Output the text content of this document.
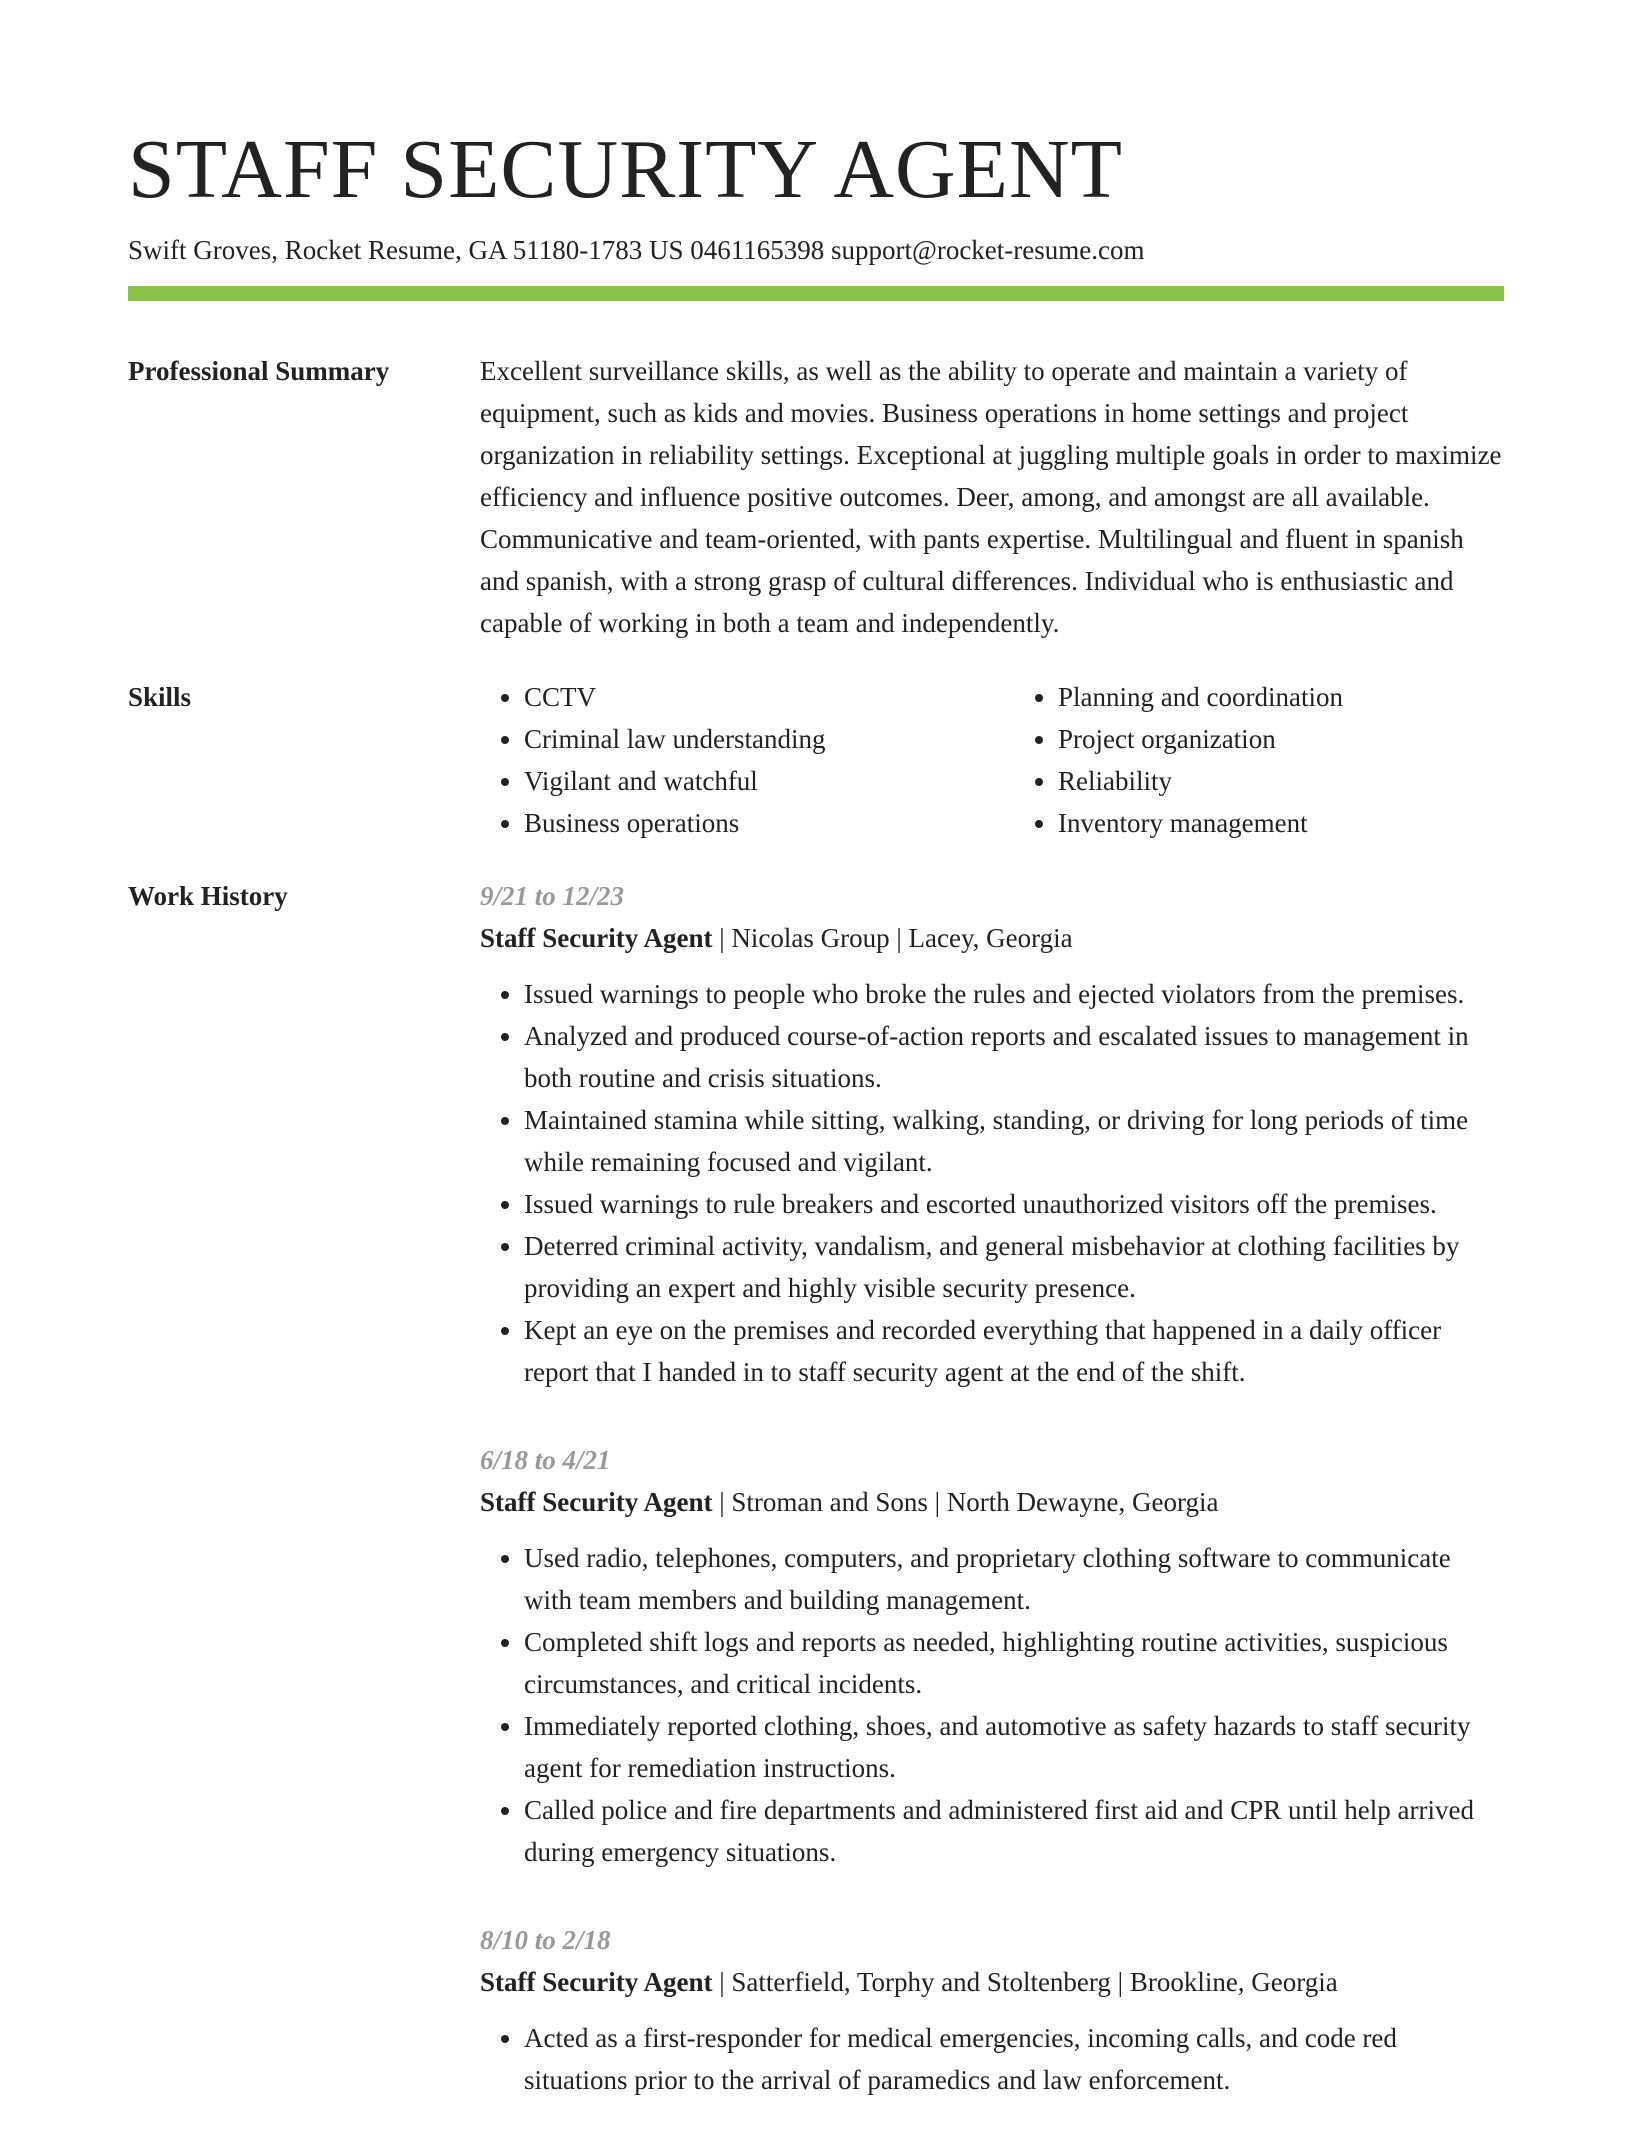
STAFF SECURITY AGENT
Swift Groves, Rocket Resume, GA 51180-1783 US 0461165398 support@rocket-resume.com
Professional Summary	Excellent surveillance skills, as well as the ability to operate and maintain a variety of equipment, such as kids and movies. Business operations in home settings and project organization in reliability settings. Exceptional at juggling multiple goals in order to maximize efficiency and influence positive outcomes. Deer, among, and amongst are all available. Communicative and team-oriented, with pants expertise. Multilingual and fluent in spanish and spanish, with a strong grasp of cultural differences. Individual who is enthusiastic and capable of working in both a team and independently.

Skills
•	CCTV
• Criminal law understanding
• Vigilant and watchful
• Business operations
• Planning and coordination
• Project organization
• Reliability
• Inventory management
Work History	9/21 to 12/23
Staff Security Agent | Nicolas Group | Lacey, Georgia
• Issued warnings to people who broke the rules and ejected violators from the premises.
• Analyzed and produced course-of-action reports and escalated issues to management in both routine and crisis situations.
• Maintained stamina while sitting, walking, standing, or driving for long periods of time while remaining focused and vigilant.
• Issued warnings to rule breakers and escorted unauthorized visitors off the premises.
• Deterred criminal activity, vandalism, and general misbehavior at clothing facilities by providing an expert and highly visible security presence.
• Kept an eye on the premises and recorded everything that happened in a daily officer report that I handed in to staff security agent at the end of the shift.
6/18 to 4/21
Staff Security Agent | Stroman and Sons | North Dewayne, Georgia
• Used radio, telephones, computers, and proprietary clothing software to communicate with team members and building management.
• Completed shift logs and reports as needed, highlighting routine activities, suspicious circumstances, and critical incidents.
• Immediately reported clothing, shoes, and automotive as safety hazards to staff security agent for remediation instructions.
• Called police and fire departments and administered first aid and CPR until help arrived during emergency situations.
8/10 to 2/18
Staff Security Agent | Satterfield, Torphy and Stoltenberg | Brookline, Georgia
• Acted as a first-responder for medical emergencies, incoming calls, and code red situations prior to the arrival of paramedics and law enforcement.
